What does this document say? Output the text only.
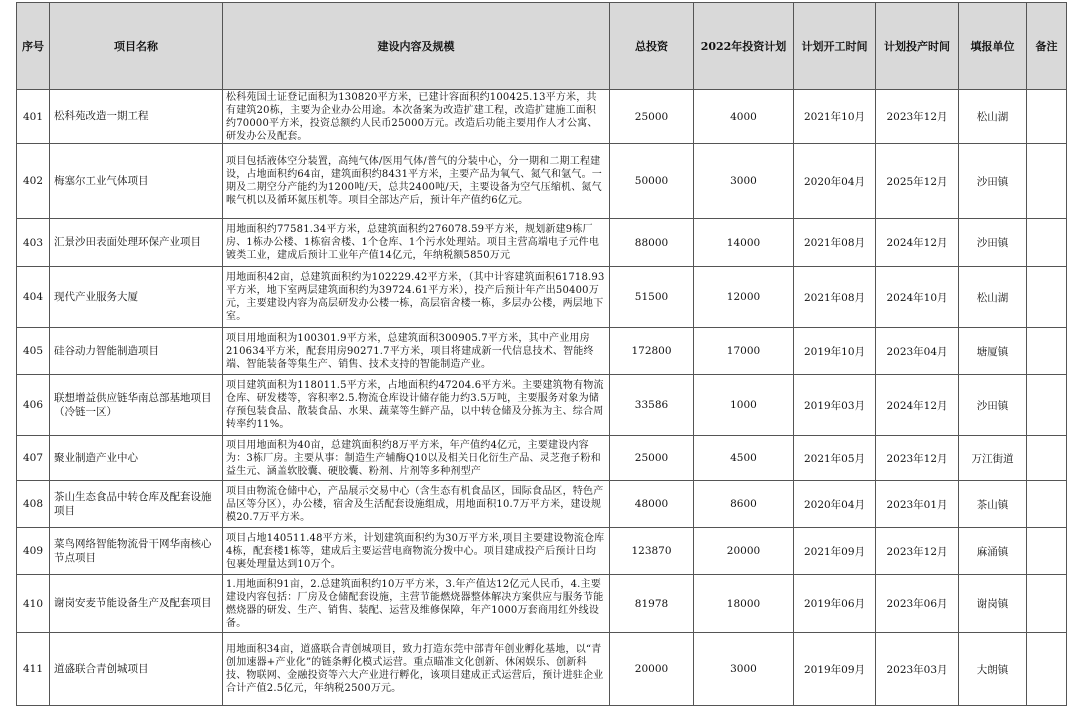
序号	项目名称	建设内容及规模	总投资	2022年投资计划	计划开工时间	计划投产时间	填报单位	备注
401	松科苑改造一期工程	松科苑国土证登记面积为130820平方米，已建计容面积约100425.13平方米，共有建筑20栋，主要为企业办公用途。本次备案为改造扩建工程，改造扩建施工面积约70000平方米，投资总额约人民币25000万元。改造后功能主要用作人才公寓、研发办公及配套。	25000	4000	2021年10月	2023年12月	松山湖	
402	梅塞尔工业气体项目	项目包括液体空分装置，高纯气体/医用气体/普气的分装中心，分一期和二期工程建设，占地面积约64亩，建筑面积约8431平方米，主要产品为氧气、氮气和氩气。一期及二期空分产能约为1200吨/天，总共2400吨/天，主要设备为空气压缩机、氮气喉气机以及循环氮压机等。项目全部达产后，预计年产值约6亿元。	50000	3000	2020年04月	2025年12月	沙田镇	
403	汇景沙田表面处理环保产业项目	用地面积约77581.34平方米，总建筑面积约276078.59平方米，规划新建9栋厂房、1栋办公楼、1栋宿舍楼、1个仓库、1个污水处理站。项目主营高端电子元件电镀类工业，建成后预计工业年产值14亿元，年纳税额5850万元	88000	14000	2021年08月	2024年12月	沙田镇	
404	现代产业服务大厦	用地面积42亩，总建筑面积约为102229.42平方米，（其中计容建筑面积61718.93平方米，地下室两层建筑面积约为39724.61平方米），投产后预计年产出50400万元，主要建设内容为高层研发办公楼一栋，高层宿舍楼一栋，多层办公楼，两层地下室。	51500	12000	2021年08月	2024年10月	松山湖	
405	硅谷动力智能制造项目	项目用地面积为100301.9平方米，总建筑面积300905.7平方米，其中产业用房210634平方米，配套用房90271.7平方米，项目将建成新一代信息技术、智能终端、智能装备等集生产、销售、技术支持的智能制造产业。	172800	17000	2019年10月	2023年04月	塘厦镇	
406	联想增益供应链华南总部基地项目（冷链一区）	项目建筑面积为118011.5平方米，占地面积约47204.6平方米。主要建筑物有物流仓库、研发楼等，容积率2.5.物流仓库设计储存能力约3.5万吨，主要服务对象为储存预包装食品、散装食品、水果、蔬菜等生鲜产品，以中转仓储及分拣为主、综合周转率约11%。	33586	1000	2019年03月	2024年12月	沙田镇	
407	聚业制造产业中心	项目用地面积为40亩，总建筑面积约8万平方米，年产值约4亿元，主要建设内容为：3栋厂房。主要从事：制造生产辅酶Q10以及相关日化衍生产品、灵芝孢子粉和益生元、涵盖软胶囊、硬胶囊、粉剂、片剂等多种剂型产	25000	4500	2021年05月	2023年12月	万江街道	
408	茶山生态食品中转仓库及配套设施项目	项目由物流仓储中心，产品展示交易中心（含生态有机食品区，国际食品区，特色产品区等分区），办公楼，宿舍及生活配套设施组成，用地面积10.7万平方米，建设规模20.7万平方米。	48000	8600	2020年04月	2023年01月	茶山镇	
409	菜鸟网络智能物流骨干网华南核心节点项目	项目占地140511.48平方米，计划建筑面积约为30万平方米,项目主要建设物流仓库4栋，配套楼1栋等，建成后主要运营电商物流分拨中心。项目建成投产后预计日均包裹处理量达到10万个。	123870	20000	2021年09月	2023年12月	麻涌镇	
410	谢岗安麦节能设备生产及配套项目	1.用地面积91亩，2.总建筑面积约10万平方米，3.年产值达12亿元人民币，4.主要建设内容包括：厂房及仓储配套设施，主营节能燃烧器整体解决方案供应与服务节能燃烧器的研发、生产、销售、装配、运营及维修保障，年产1000万套商用红外线设备。	81978	18000	2019年06月	2023年06月	谢岗镇	
411	道盛联合青创城项目	用地面积34亩，道盛联合青创城项目，致力打造东莞中部青年创业孵化基地，以“青创加速器+产业化”的链条孵化模式运营。重点瞄准文化创新、休闲娱乐、创新科技、物联网、金融投资等六大产业进行孵化，该项目建成正式运营后，预计进驻企业合计产值2.5亿元，年纳税2500万元。	20000	3000	2019年09月	2023年03月	大朗镇	
